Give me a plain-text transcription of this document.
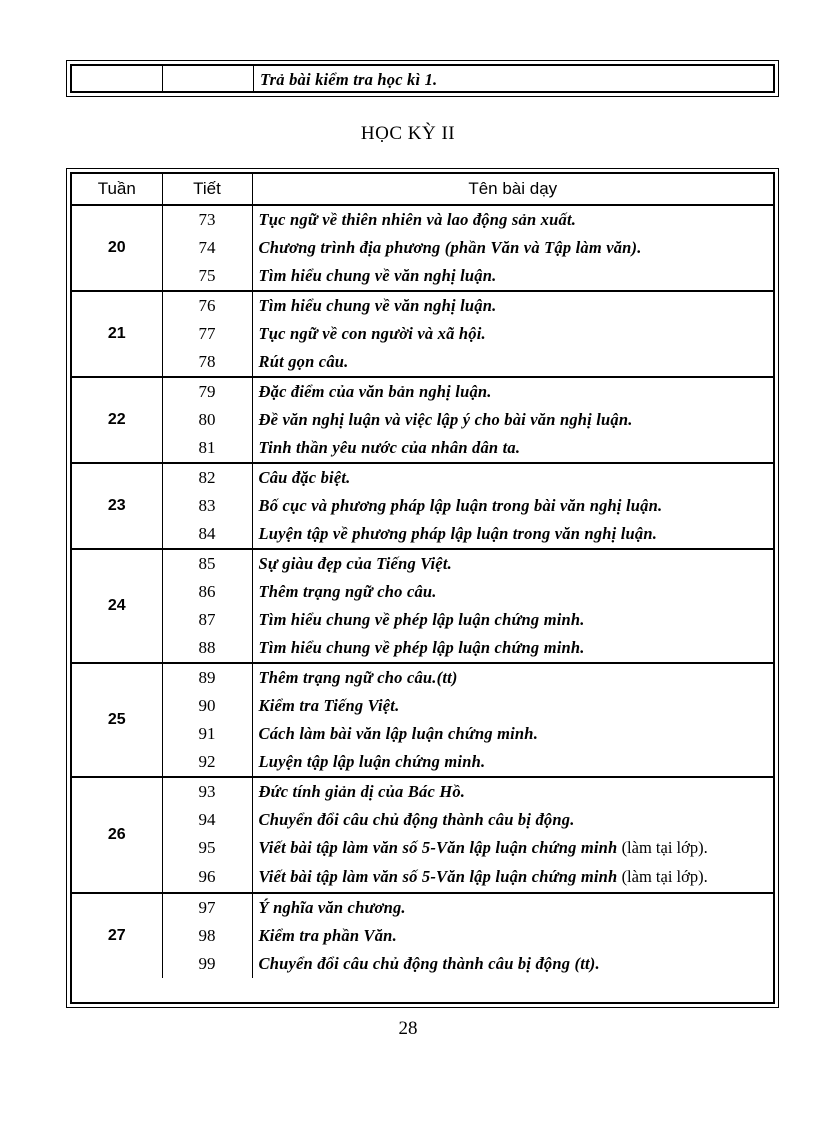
Trả bài kiểm tra học kì 1.
HỌC KỲ II
Tuần	Tiết	Tên bài dạy
20	73	Tục ngữ về thiên nhiên và lao động sản xuất.
	74	Chương trình địa phương (phần Văn và Tập làm văn).
	75	Tìm hiểu chung về văn nghị luận.
21	76	Tìm hiểu chung về văn nghị luận.
	77	Tục ngữ về con người và xã hội.
	78	Rút gọn câu.
22	79	Đặc điểm của văn bản nghị luận.
	80	Đề văn nghị luận và việc lập ý cho bài văn nghị luận.
	81	Tinh thần yêu nước của nhân dân ta.
23	82	Câu đặc biệt.
	83	Bố cục và phương pháp lập luận trong bài văn nghị luận.
	84	Luyện tập về phương pháp lập luận trong văn nghị luận.
24	85	Sự giàu đẹp của Tiếng Việt.
	86	Thêm trạng ngữ cho câu.
	87	Tìm hiểu chung về phép lập luận chứng minh.
	88	Tìm hiểu chung về phép lập luận chứng minh.
25	89	Thêm trạng ngữ cho câu.(tt)
	90	Kiểm tra Tiếng Việt.
	91	Cách làm bài văn lập luận chứng minh.
	92	Luyện tập lập luận chứng minh.
26	93	Đức tính giản dị của Bác Hồ.
	94	Chuyển đổi câu chủ động thành câu bị động.
	95	Viết bài tập làm văn số 5-Văn lập luận chứng minh (làm tại lớp).
	96	Viết bài tập làm văn số 5-Văn lập luận chứng minh (làm tại lớp).
27	97	Ý nghĩa văn chương.
	98	Kiểm tra phần Văn.
	99	Chuyển đổi câu chủ động thành câu bị động (tt).
28
